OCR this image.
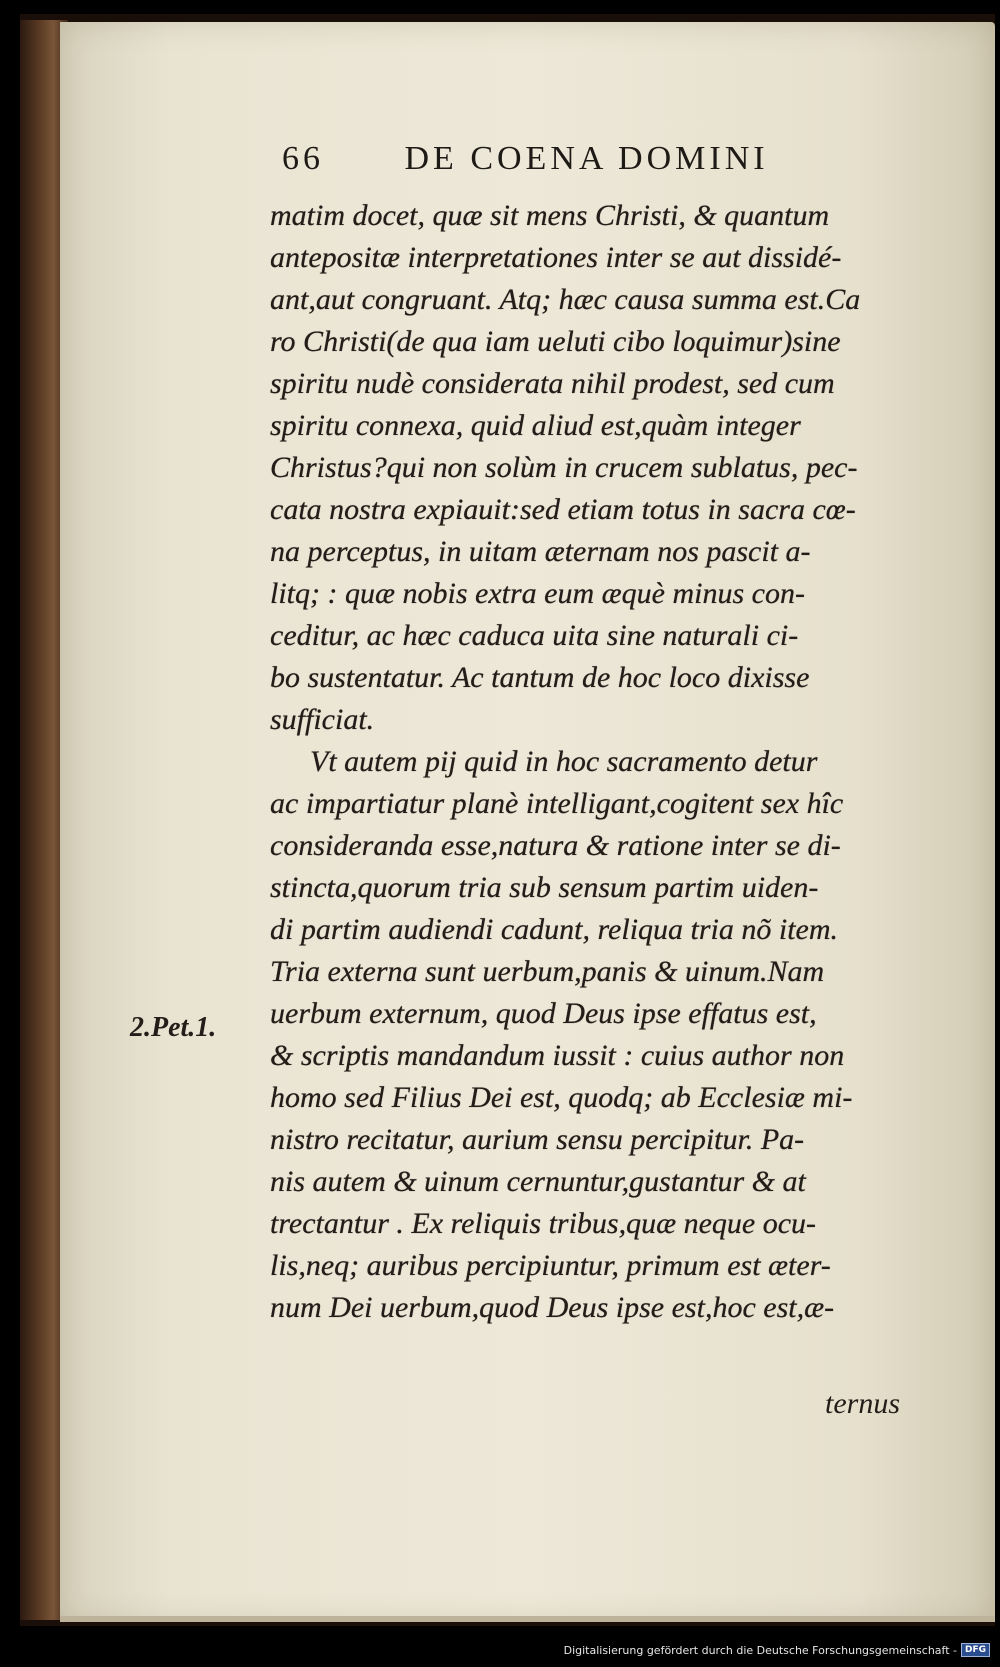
66 DE COENA DOMINI
2.Pet.1.
matim docet, quæ sit mens Christi, & quantum
antepositæ interpretationes inter se aut dissidé-
ant,aut congruant. Atq; hæc causa summa est.Ca
ro Christi(de qua iam ueluti cibo loquimur)sine
spiritu nudè considerata nihil prodest, sed cum
spiritu connexa, quid aliud est,quàm integer
Christus?qui non solùm in crucem sublatus, pec-
cata nostra expiauit:sed etiam totus in sacra cœ-
na perceptus, in uitam æternam nos pascit a-
litq; : quæ nobis extra eum æquè minus con-
ceditur, ac hæc caduca uita sine naturali ci-
bo sustentatur. Ac tantum de hoc loco dixisse
sufficiat.
Vt autem pij quid in hoc sacramento detur
ac impartiatur planè intelligant,cogitent sex hîc
consideranda esse,natura & ratione inter se di-
stincta,quorum tria sub sensum partim uiden-
di partim audiendi cadunt, reliqua tria nõ item.
Tria externa sunt uerbum,panis & uinum.Nam
uerbum externum, quod Deus ipse effatus est,
& scriptis mandandum iussit : cuius author non
homo sed Filius Dei est, quodq; ab Ecclesiæ mi-
nistro recitatur, aurium sensu percipitur. Pa-
nis autem & uinum cernuntur,gustantur & at
trectantur . Ex reliquis tribus,quæ neque ocu-
lis,neq; auribus percipiuntur, primum est æter-
num Dei uerbum,quod Deus ipse est,hoc est,æ-
ternus
Digitalisierung gefördert durch die Deutsche Forschungsgemeinschaft - DFG
